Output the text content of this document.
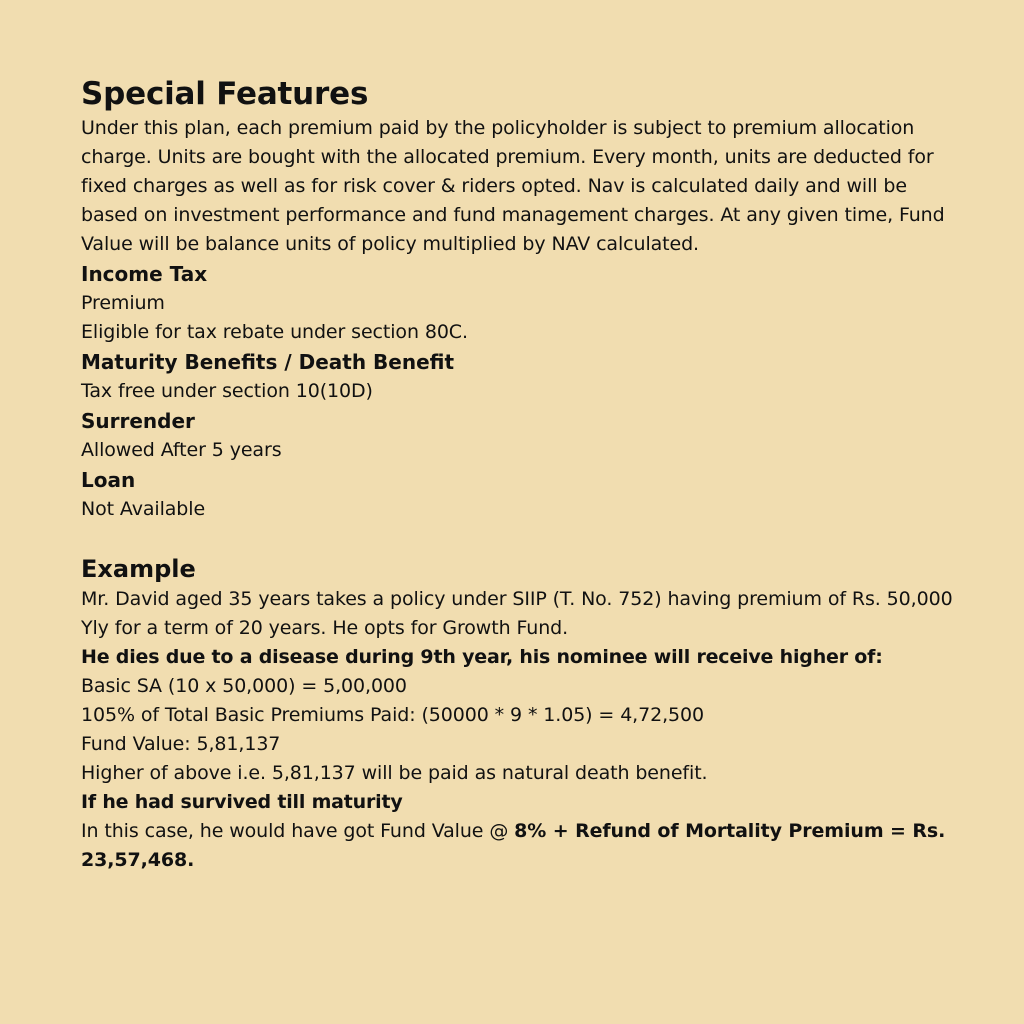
Special Features

Under this plan, each premium paid by the policyholder is subject to premium allocation charge. Units are bought with the allocated premium. Every month, units are deducted for fixed charges as well as for risk cover & riders opted. Nav is calculated daily and will be based on investment performance and fund management charges. At any given time, Fund Value will be balance units of policy multiplied by NAV calculated.

Income Tax

Premium

Eligible for tax rebate under section 80C.

Maturity Benefits / Death Benefit

Tax free under section 10(10D)

Surrender

Allowed After 5 years

Loan

Not Available

Example

Mr. David aged 35 years takes a policy under SIIP (T. No. 752) having premium of Rs. 50,000 Yly for a term of 20 years. He opts for Growth Fund.

He dies due to a disease during 9th year, his nominee will receive higher of:

Basic SA (10 x 50,000) = 5,00,000

105% of Total Basic Premiums Paid: (50000 * 9 * 1.05) = 4,72,500

Fund Value: 5,81,137

Higher of above i.e. 5,81,137 will be paid as natural death benefit.

If he had survived till maturity

In this case, he would have got Fund Value @ 8% + Refund of Mortality Premium = Rs. 23,57,468.
